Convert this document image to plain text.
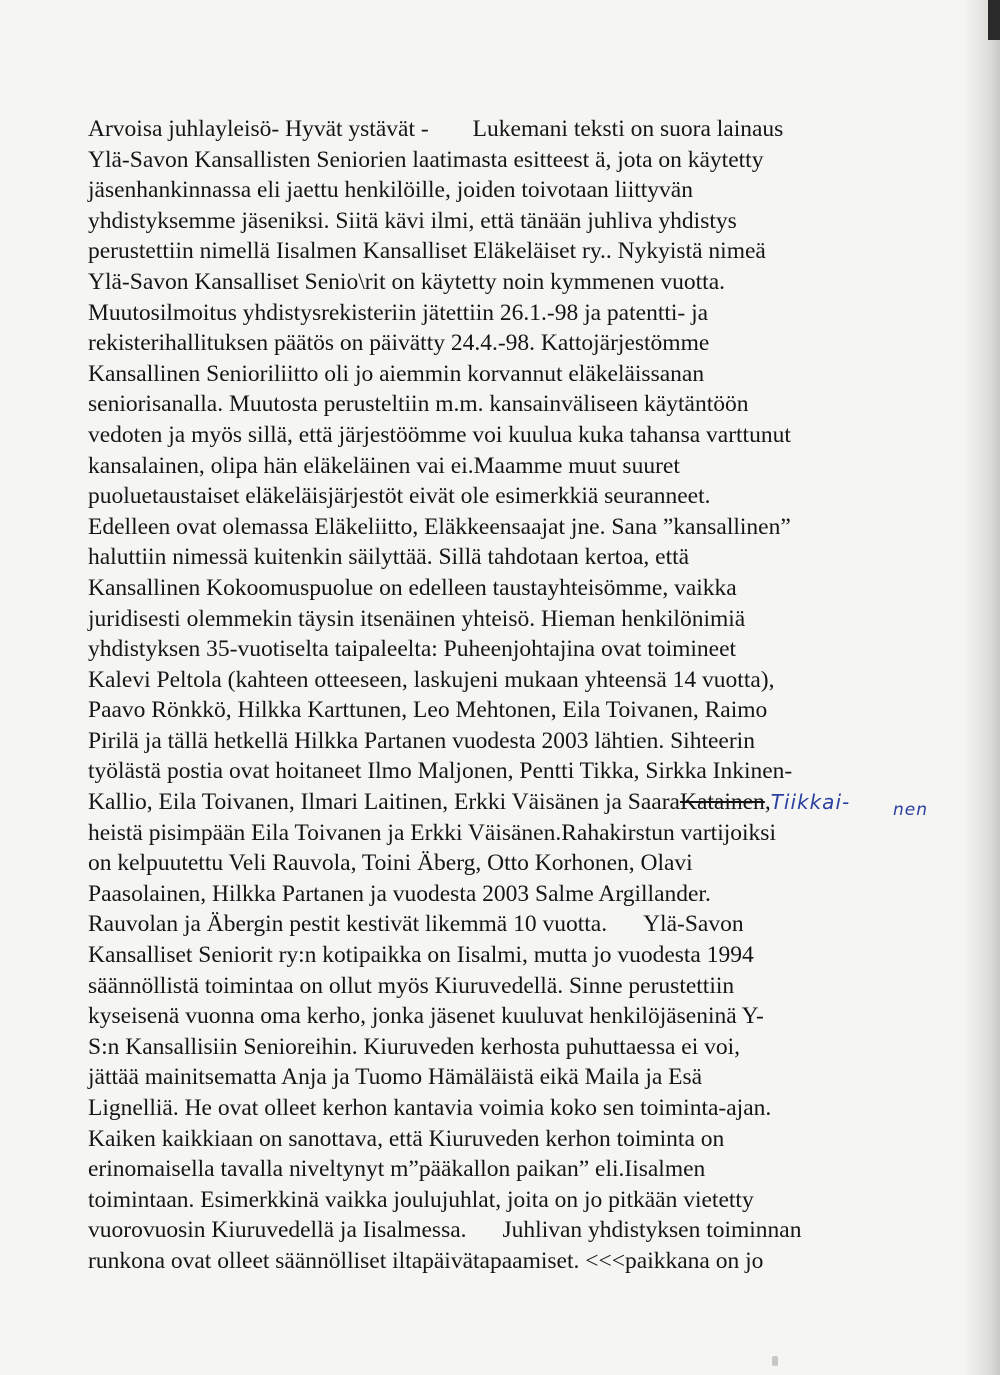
Arvoisa juhlayleisö- Hyvät ystävät - Lukemani teksti on suora lainaus
Ylä-Savon Kansallisten Seniorien laatimasta esitteest ä, jota on käytetty
jäsenhankinnassa eli jaettu henkilöille, joiden toivotaan liittyvän
yhdistyksemme jäseniksi. Siitä kävi ilmi, että tänään juhliva yhdistys
perustettiin nimellä Iisalmen Kansalliset Eläkeläiset ry.. Nykyistä nimeä
Ylä-Savon Kansalliset Senio\rit on käytetty noin kymmenen vuotta.
Muutosilmoitus yhdistysrekisteriin jätettiin 26.1.-98 ja patentti- ja
rekisterihallituksen päätös on päivätty 24.4.-98. Kattojärjestömme
Kansallinen Senioriliitto oli jo aiemmin korvannut eläkeläissanan
seniorisanalla. Muutosta perusteltiin m.m. kansainväliseen käytäntöön
vedoten ja myös sillä, että järjestöömme voi kuulua kuka tahansa varttunut
kansalainen, olipa hän eläkeläinen vai ei.Maamme muut suuret
puoluetaustaiset eläkeläisjärjestöt eivät ole esimerkkiä seuranneet.
Edelleen ovat olemassa Eläkeliitto, Eläkkeensaajat jne. Sana ”kansallinen”
haluttiin nimessä kuitenkin säilyttää. Sillä tahdotaan kertoa, että
Kansallinen Kokoomuspuolue on edelleen taustayhteisömme, vaikka
juridisesti olemmekin täysin itsenäinen yhteisö. Hieman henkilönimiä
yhdistyksen 35-vuotiselta taipaleelta: Puheenjohtajina ovat toimineet
Kalevi Peltola (kahteen otteeseen, laskujeni mukaan yhteensä 14 vuotta),
Paavo Rönkkö, Hilkka Karttunen, Leo Mehtonen, Eila Toivanen, Raimo
Pirilä ja tällä hetkellä Hilkka Partanen vuodesta 2003 lähtien. Sihteerin
työlästä postia ovat hoitaneet Ilmo Maljonen, Pentti Tikka, Sirkka Inkinen-
Kallio, Eila Toivanen, Ilmari Laitinen, Erkki Väisänen ja SaaraKatainen,Tiikkai-
heistä pisimpään Eila Toivanen ja Erkki Väisänen.Rahakirstun vartijoiksi
on kelpuutettu Veli Rauvola, Toini Äberg, Otto Korhonen, Olavi
Paasolainen, Hilkka Partanen ja vuodesta 2003 Salme Argillander.
Rauvolan ja Äbergin pestit kestivät likemmä 10 vuotta. Ylä-Savon
Kansalliset Seniorit ry:n kotipaikka on Iisalmi, mutta jo vuodesta 1994
säännöllistä toimintaa on ollut myös Kiuruvedellä. Sinne perustettiin
kyseisenä vuonna oma kerho, jonka jäsenet kuuluvat henkilöjäseninä Y-
S:n Kansallisiin Senioreihin. Kiuruveden kerhosta puhuttaessa ei voi,
jättää mainitsematta Anja ja Tuomo Hämäläistä eikä Maila ja Esä
Lignelliä. He ovat olleet kerhon kantavia voimia koko sen toiminta-ajan.
Kaiken kaikkiaan on sanottava, että Kiuruveden kerhon toiminta on
erinomaisella tavalla niveltynyt m”pääkallon paikan” eli.Iisalmen
toimintaan. Esimerkkinä vaikka joulujuhlat, joita on jo pitkään vietetty
vuorovuosin Kiuruvedellä ja Iisalmessa. Juhlivan yhdistyksen toiminnan
runkona ovat olleet säännölliset iltapäivätapaamiset. <<<paikkana on jo
nen
